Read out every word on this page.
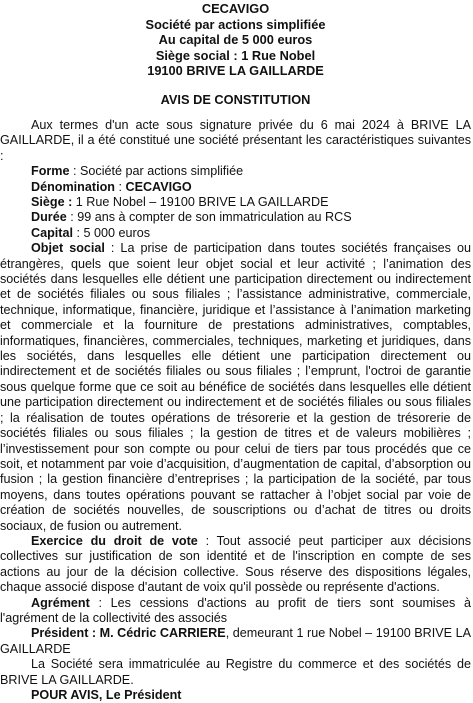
CECAVIGO
Société par actions simplifiée
Au capital de 5 000 euros
Siège social : 1 Rue Nobel
19100 BRIVE LA GAILLARDE
AVIS DE CONSTITUTION

Aux termes d'un acte sous signature privée du 6 mai 2024 à BRIVE LA GAILLARDE, il a été constitué une société présentant les caractéristiques suivantes :

Forme : Société par actions simplifiée

Dénomination : CECAVIGO

Siège : 1 Rue Nobel – 19100 BRIVE LA GAILLARDE

Durée : 99 ans à compter de son immatriculation au RCS

Capital : 5 000 euros

Objet social : La prise de participation dans toutes sociétés françaises ou étrangères, quels que soient leur objet social et leur activité ; l’animation des sociétés dans lesquelles elle détient une participation directement ou indirectement et de sociétés filiales ou sous filiales ; l’assistance administrative, commerciale, technique, informatique, financière, juridique et l’assistance à l’animation marketing et commerciale et la fourniture de prestations administratives, comptables, informatiques, financières, commerciales, techniques, marketing et juridiques, dans les sociétés, dans lesquelles elle détient une participation directement ou indirectement et de sociétés filiales ou sous filiales ; l’emprunt, l'octroi de garantie sous quelque forme que ce soit au bénéfice de sociétés dans lesquelles elle détient une participation directement ou indirectement et de sociétés filiales ou sous filiales ; la réalisation de toutes opérations de trésorerie et la gestion de trésorerie de sociétés filiales ou sous filiales ; la gestion de titres et de valeurs mobilières ; l’investissement pour son compte ou pour celui de tiers par tous procédés que ce soit, et notamment par voie d’acquisition, d’augmentation de capital, d’absorption ou fusion ; la gestion financière d’entreprises ; la participation de la société, par tous moyens, dans toutes opérations pouvant se rattacher à l’objet social par voie de création de sociétés nouvelles, de souscriptions ou d’achat de titres ou droits sociaux, de fusion ou autrement.

Exercice du droit de vote : Tout associé peut participer aux décisions collectives sur justification de son identité et de l'inscription en compte de ses actions au jour de la décision collective. Sous réserve des dispositions légales, chaque associé dispose d'autant de voix qu'il possède ou représente d'actions.

Agrément : Les cessions d'actions au profit de tiers sont soumises à l'agrément de la collectivité des associés

Président : M. Cédric CARRIERE, demeurant 1 rue Nobel – 19100 BRIVE LA GAILLARDE

La Société sera immatriculée au Registre du commerce et des sociétés de BRIVE LA GAILLARDE.

POUR AVIS, Le Président
